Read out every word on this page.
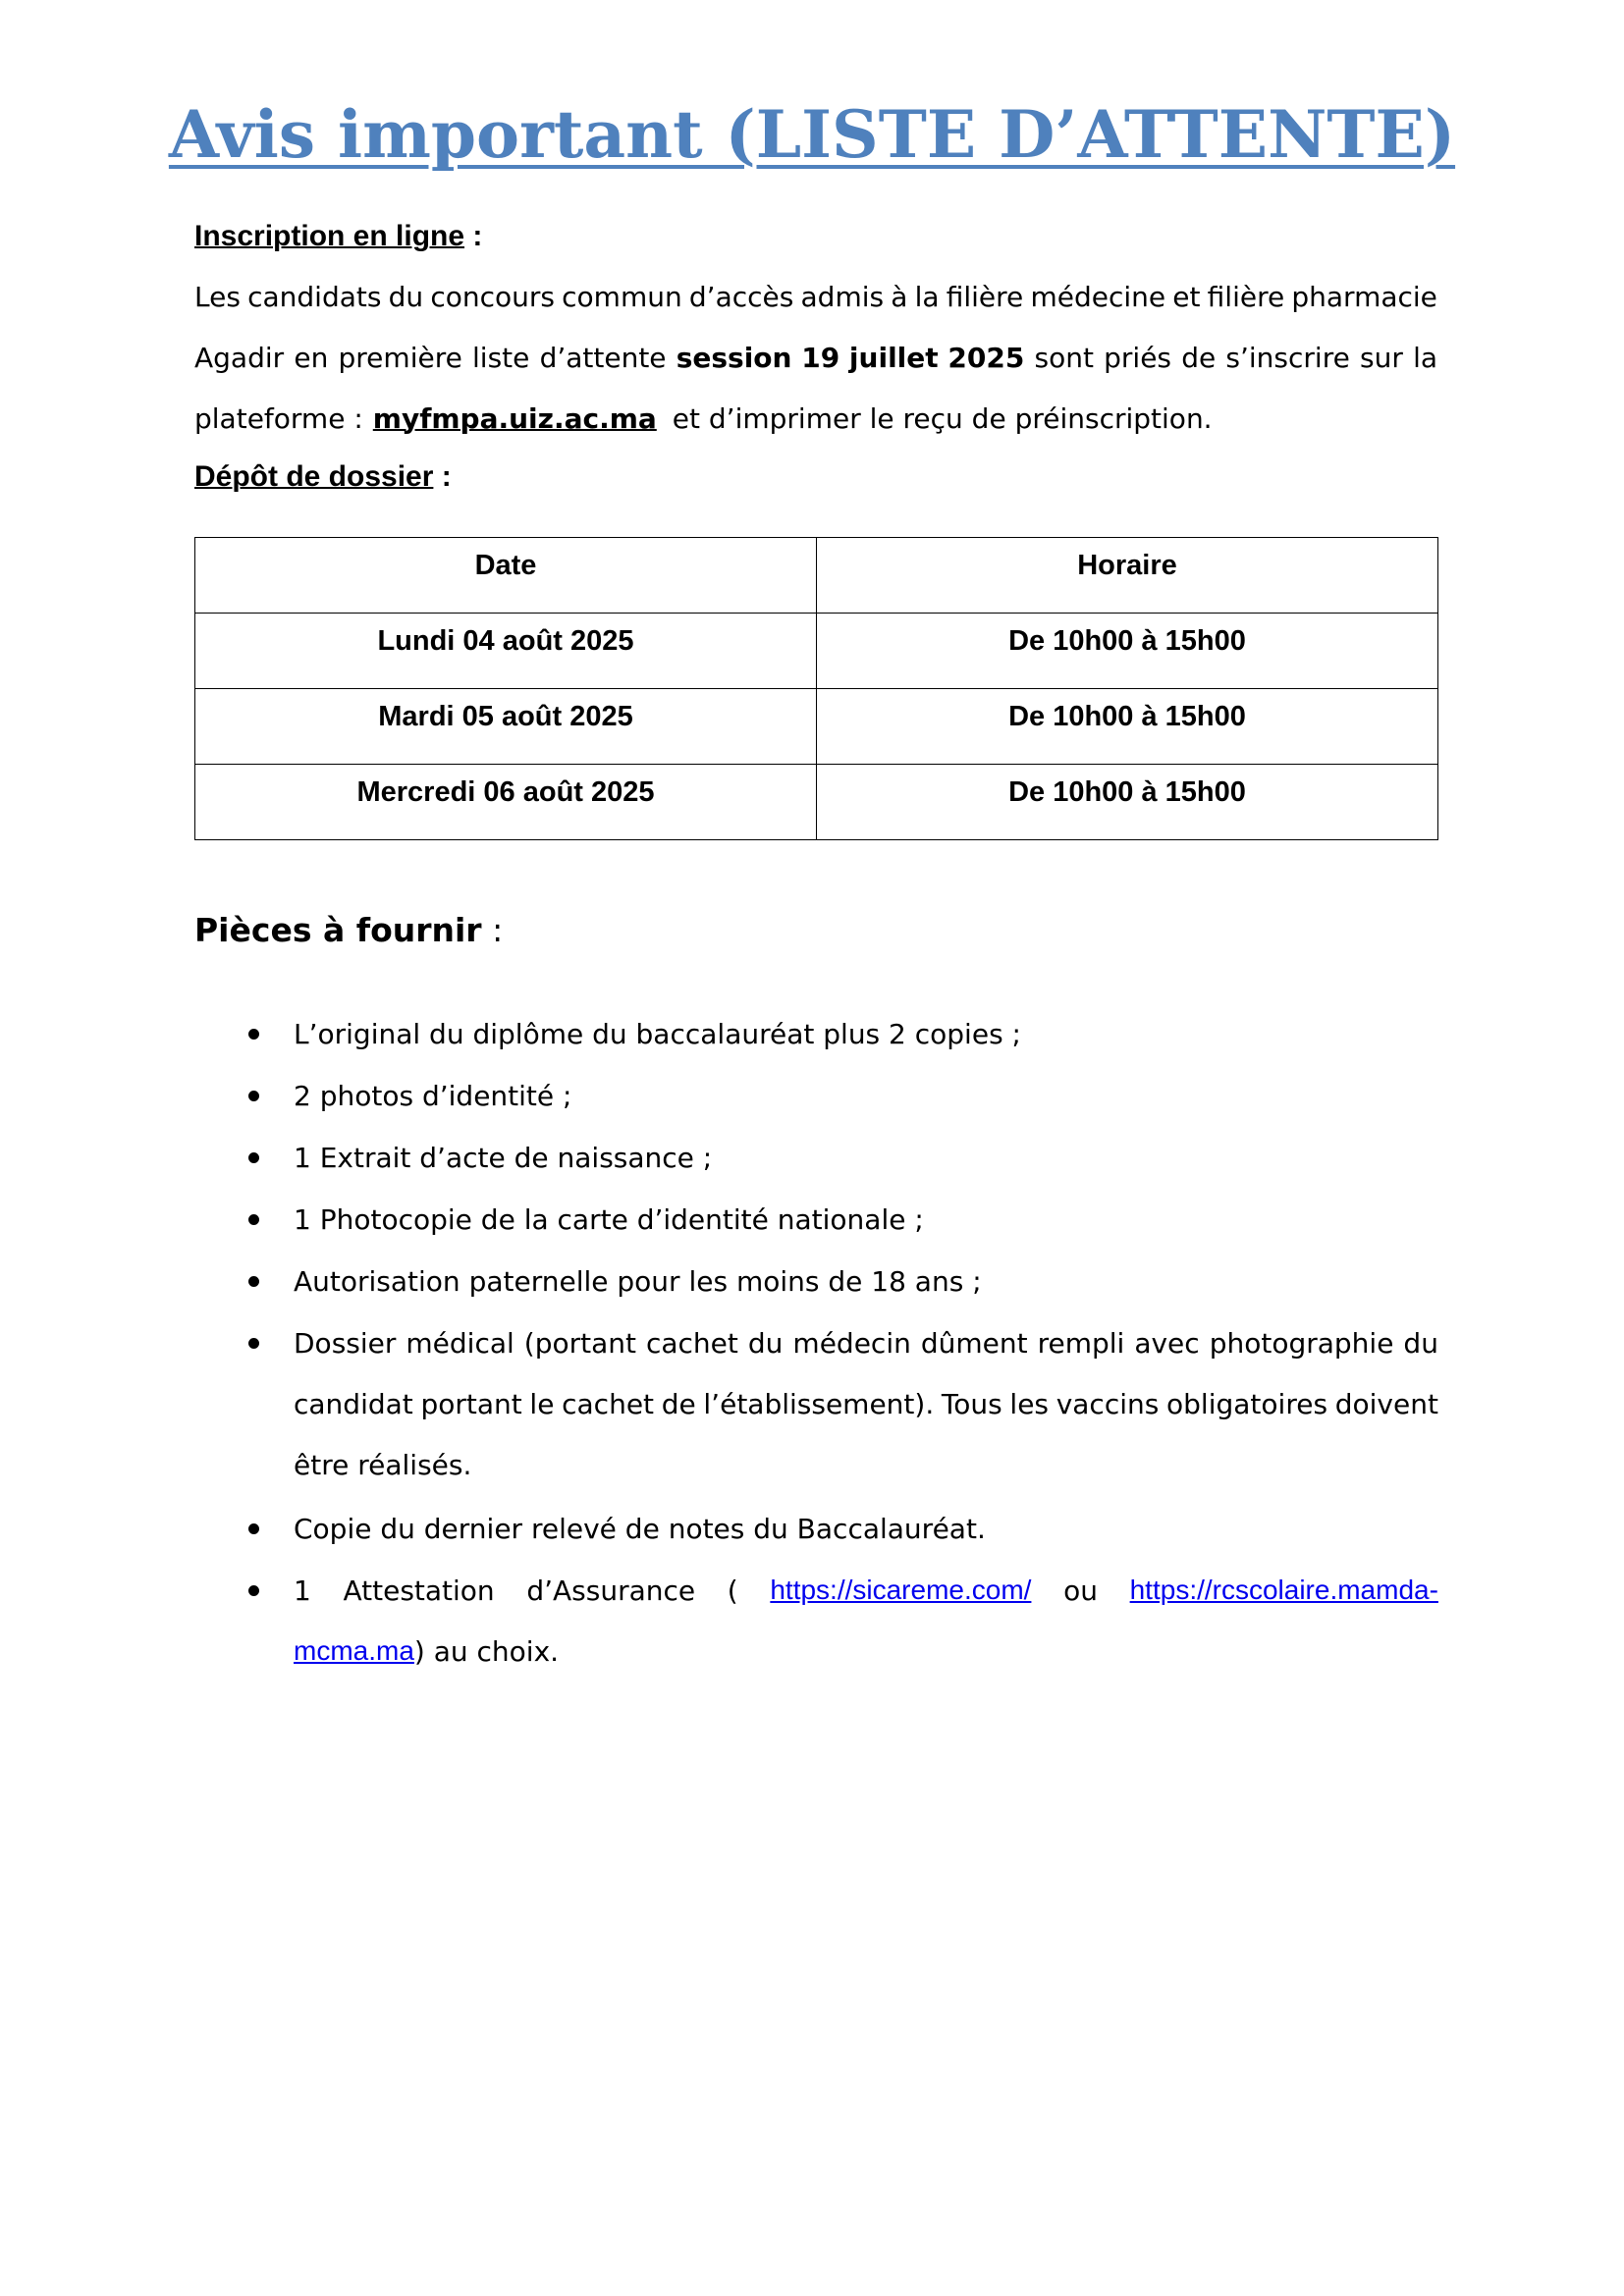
Avis important (LISTE D’ATTENTE)

Inscription en ligne :

Les candidats du concours commun d’accès admis à la filière médecine et filière pharmacie
Agadir en première liste d’attente session 19 juillet 2025 sont priés de s’inscrire sur la
plateforme : myfmpa.uiz.ac.ma et d’imprimer le reçu de préinscription.

Dépôt de dossier :

Date	Horaire
Lundi 04 août 2025	De 10h00 à 15h00
Mardi 05 août 2025	De 10h00 à 15h00
Mercredi 06 août 2025	De 10h00 à 15h00

Pièces à fournir :

L’original du diplôme du baccalauréat plus 2 copies ;
2 photos d’identité ;
1 Extrait d’acte de naissance ;
1 Photocopie de la carte d’identité nationale ;
Autorisation paternelle pour les moins de 18 ans ;
Dossier médical (portant cachet du médecin dûment rempli avec photographie du
candidat portant le cachet de l’établissement). Tous les vaccins obligatoires doivent
être réalisés.
Copie du dernier relevé de notes du Baccalauréat.
1 Attestation d’Assurance ( https://sicareme.com/ ou https://rcscolaire.mamda-
mcma.ma ) au choix.
